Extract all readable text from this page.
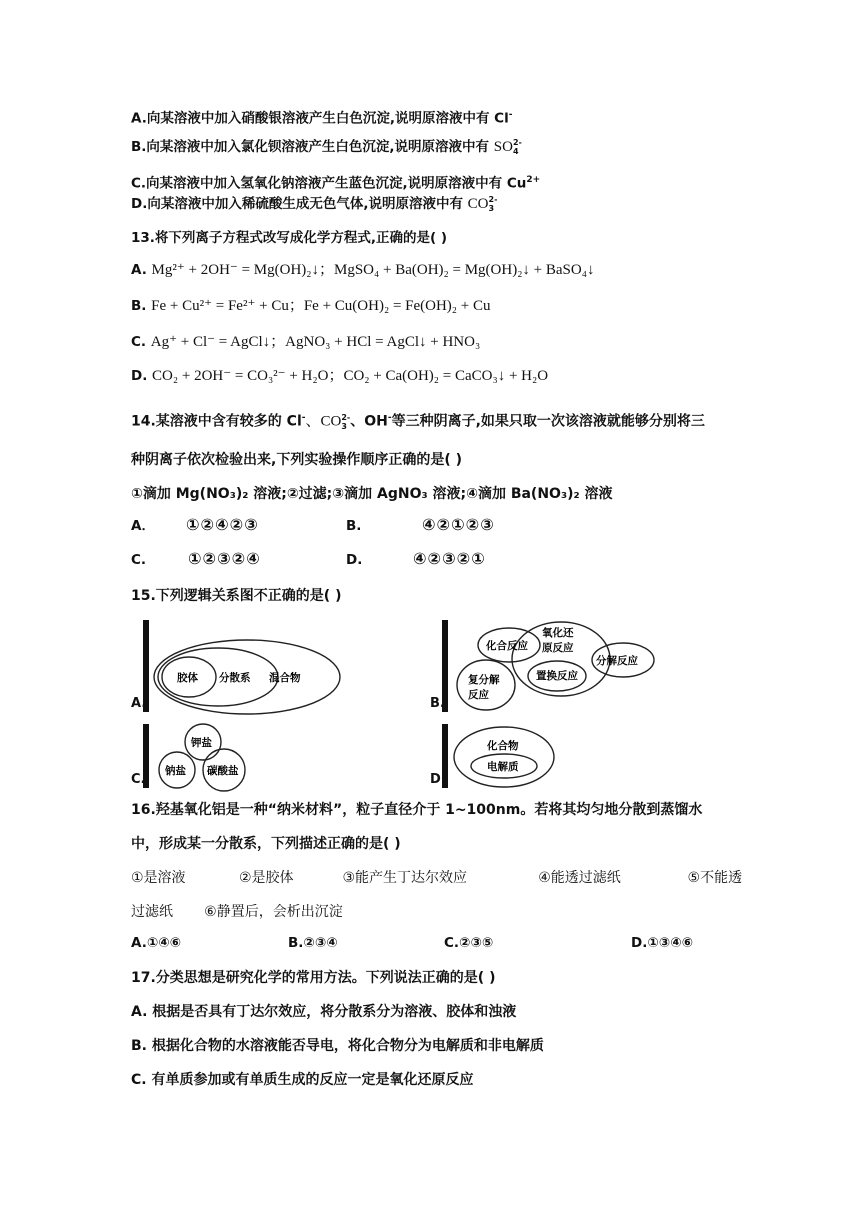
A.向某溶液中加入硝酸银溶液产生白色沉淀,说明原溶液中有 Cl-
B.向某溶液中加入氯化钡溶液产生白色沉淀,说明原溶液中有 SO2-
4
C.向某溶液中加入氢氧化钠溶液产生蓝色沉淀,说明原溶液中有 $Cu^{2+}$
D.向某溶液中加入稀硫酸生成无色气体,说明原溶液中有 CO2-
3
13.将下列离子方程式改写成化学方程式,正确的是( )
A. Mg²⁺ + 2OH⁻ = Mg(OH)₂↓；MgSO₄ + Ba(OH)₂ = Mg(OH)₂↓ + BaSO₄↓
B. Fe + Cu²⁺ = Fe²⁺ + Cu；Fe + Cu(OH)₂ = Fe(OH)₂ + Cu
C. Ag⁺ + Cl⁻ = AgCl↓；AgNO₃ + HCl = AgCl↓ + HNO₃
D. CO₂ + 2OH⁻ = CO₃²⁻ + H₂O；CO₂ + Ca(OH)₂ = CaCO₃↓ + H₂O
14.某溶液中含有较多的 Cl-、CO2-
3 、OH-等三种阴离子,如果只取一次该溶液就能够分别将三
种阴离子依次检验出来,下列实验操作顺序正确的是( )
①滴加 Mg(NO₃)₂ 溶液;②过滤;③滴加 AgNO₃ 溶液;④滴加 Ba(NO₃)₂ 溶液
A． ①②④②③	B.	④②①②③
C.	①②③②④	D.	④②③②①
15.下列逻辑关系图不正确的是( )
A.
胶体 分散系 混合物
B.
化合反应
氧化还
原反应
分解反应
置换反应
复分解
反应
C.
钾盐
钠盐 碳酸盐
D.
化合物
电解质
16.羟基氧化铝是一种“纳米材料”，粒子直径介于 1~100nm。若将其均匀地分散到蒸馏水
中，形成某一分散系，下列描述正确的是( )
①是溶液            ②是胶体           ③能产生丁达尔效应                ④能透过滤纸               ⑤不能透
过滤纸       ⑥静置后，会析出沉淀
A.①④⑥	B.②③④	C.②③⑤	D.①③④⑥
17.分类思想是研究化学的常用方法。下列说法正确的是( )
A. 根据是否具有丁达尔效应，将分散系分为溶液、胶体和浊液
B. 根据化合物的水溶液能否导电，将化合物分为电解质和非电解质
C. 有单质参加或有单质生成的反应一定是氧化还原反应
